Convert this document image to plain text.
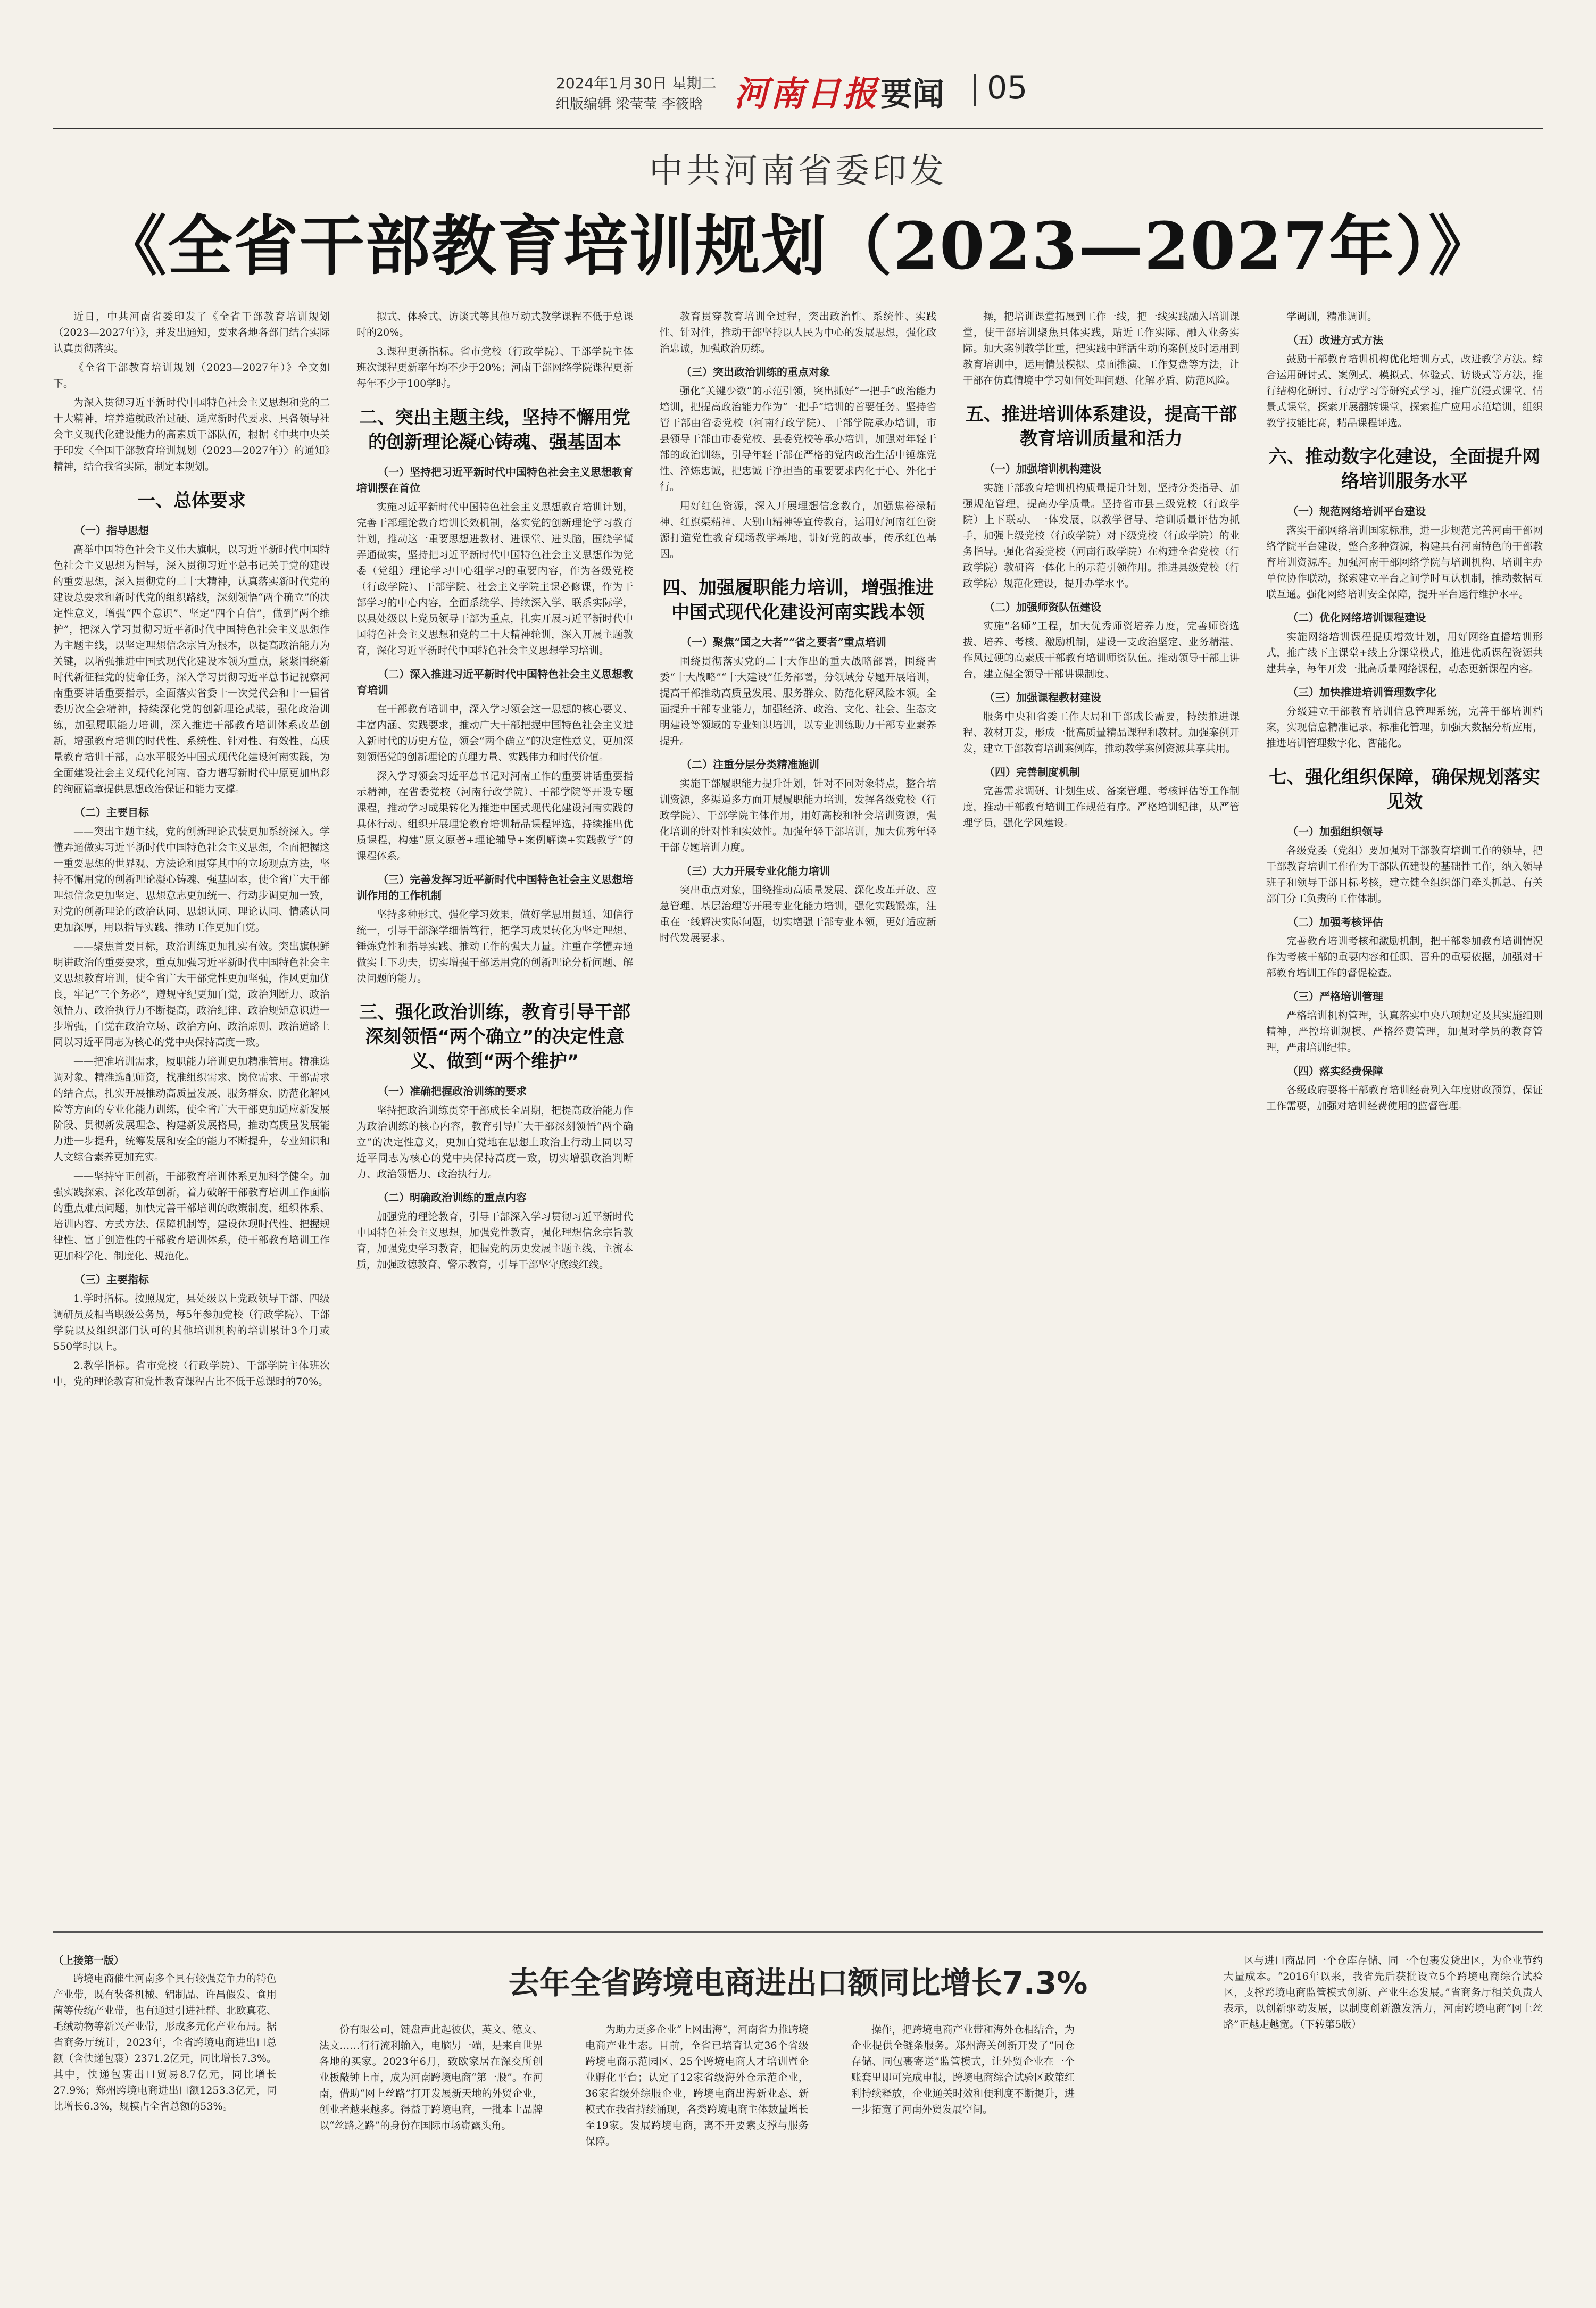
2024年1月30日 星期二
组版编辑 梁莹莹 李筱晗 河南日报 要闻 05
中共河南省委印发
《全省干部教育培训规划（2023—2027年）》

近日，中共河南省委印发了《全省干部教育培训规划（2023—2027年）》，并发出通知，要求各地各部门结合实际认真贯彻落实。

《全省干部教育培训规划（2023—2027年）》全文如下。

为深入贯彻习近平新时代中国特色社会主义思想和党的二十大精神，培养造就政治过硬、适应新时代要求、具备领导社会主义现代化建设能力的高素质干部队伍，根据《中共中央关于印发〈全国干部教育培训规划（2023—2027年）〉的通知》精神，结合我省实际，制定本规划。

一、总体要求
（一）指导思想

高举中国特色社会主义伟大旗帜，以习近平新时代中国特色社会主义思想为指导，深入贯彻习近平总书记关于党的建设的重要思想，深入贯彻党的二十大精神，认真落实新时代党的建设总要求和新时代党的组织路线，深刻领悟“两个确立”的决定性意义，增强“四个意识”、坚定“四个自信”，做到“两个维护”，把深入学习贯彻习近平新时代中国特色社会主义思想作为主题主线，以坚定理想信念宗旨为根本，以提高政治能力为关键，以增强推进中国式现代化建设本领为重点，紧紧围绕新时代新征程党的使命任务，深入学习贯彻习近平总书记视察河南重要讲话重要指示，全面落实省委十一次党代会和十一届省委历次全会精神，持续深化党的创新理论武装，强化政治训练，加强履职能力培训，深入推进干部教育培训体系改革创新，增强教育培训的时代性、系统性、针对性、有效性，高质量教育培训干部，高水平服务中国式现代化建设河南实践，为全面建设社会主义现代化河南、奋力谱写新时代中原更加出彩的绚丽篇章提供思想政治保证和能力支撑。

（二）主要目标

——突出主题主线，党的创新理论武装更加系统深入。学懂弄通做实习近平新时代中国特色社会主义思想，全面把握这一重要思想的世界观、方法论和贯穿其中的立场观点方法，坚持不懈用党的创新理论凝心铸魂、强基固本，使全省广大干部理想信念更加坚定、思想意志更加统一、行动步调更加一致，对党的创新理论的政治认同、思想认同、理论认同、情感认同更加深厚，用以指导实践、推动工作更加自觉。

——聚焦首要目标，政治训练更加扎实有效。突出旗帜鲜明讲政治的重要要求，重点加强习近平新时代中国特色社会主义思想教育培训，使全省广大干部党性更加坚强，作风更加优良，牢记“三个务必”，遵规守纪更加自觉，政治判断力、政治领悟力、政治执行力不断提高，政治纪律、政治规矩意识进一步增强，自觉在政治立场、政治方向、政治原则、政治道路上同以习近平同志为核心的党中央保持高度一致。

——把准培训需求，履职能力培训更加精准管用。精准选调对象、精准选配师资，找准组织需求、岗位需求、干部需求的结合点，扎实开展推动高质量发展、服务群众、防范化解风险等方面的专业化能力训练，使全省广大干部更加适应新发展阶段、贯彻新发展理念、构建新发展格局，推动高质量发展能力进一步提升，统筹发展和安全的能力不断提升，专业知识和人文综合素养更加充实。

——坚持守正创新，干部教育培训体系更加科学健全。加强实践探索、深化改革创新，着力破解干部教育培训工作面临的重点难点问题，加快完善干部培训的政策制度、组织体系、培训内容、方式方法、保障机制等，建设体现时代性、把握规律性、富于创造性的干部教育培训体系，使干部教育培训工作更加科学化、制度化、规范化。

（三）主要指标

1.学时指标。按照规定，县处级以上党政领导干部、四级调研员及相当职级公务员，每5年参加党校（行政学院）、干部学院以及组织部门认可的其他培训机构的培训累计3个月或550学时以上。

2.教学指标。省市党校（行政学院）、干部学院主体班次中，党的理论教育和党性教育课程占比不低于总课时的70%。

拟式、体验式、访谈式等其他互动式教学课程不低于总课时的20%。

3.课程更新指标。省市党校（行政学院）、干部学院主体班次课程更新率年均不少于20%；河南干部网络学院课程更新每年不少于100学时。

二、突出主题主线，坚持不懈用党的创新理论凝心铸魂、强基固本
（一）坚持把习近平新时代中国特色社会主义思想教育培训摆在首位

实施习近平新时代中国特色社会主义思想教育培训计划，完善干部理论教育培训长效机制，落实党的创新理论学习教育计划，推动这一重要思想进教材、进课堂、进头脑，围绕学懂弄通做实，坚持把习近平新时代中国特色社会主义思想作为党委（党组）理论学习中心组学习的重要内容，作为各级党校（行政学院）、干部学院、社会主义学院主课必修课，作为干部学习的中心内容，全面系统学、持续深入学、联系实际学，以县处级以上党员领导干部为重点，扎实开展习近平新时代中国特色社会主义思想和党的二十大精神轮训，深入开展主题教育，深化习近平新时代中国特色社会主义思想学习培训。

（二）深入推进习近平新时代中国特色社会主义思想教育培训

在干部教育培训中，深入学习领会这一思想的核心要义、丰富内涵、实践要求，推动广大干部把握中国特色社会主义进入新时代的历史方位，领会“两个确立”的决定性意义，更加深刻领悟党的创新理论的真理力量、实践伟力和时代价值。

深入学习领会习近平总书记对河南工作的重要讲话重要指示精神，在省委党校（河南行政学院）、干部学院等开设专题课程，推动学习成果转化为推进中国式现代化建设河南实践的具体行动。组织开展理论教育培训精品课程评选，持续推出优质课程，构建“原文原著+理论辅导+案例解读+实践教学”的课程体系。

（三）完善发挥习近平新时代中国特色社会主义思想培训作用的工作机制

坚持多种形式、强化学习效果，做好学思用贯通、知信行统一，引导干部深学细悟笃行，把学习成果转化为坚定理想、锤炼党性和指导实践、推动工作的强大力量。注重在学懂弄通做实上下功夫，切实增强干部运用党的创新理论分析问题、解决问题的能力。

三、强化政治训练，教育引导干部深刻领悟“两个确立”的决定性意义、做到“两个维护”
（一）准确把握政治训练的要求

坚持把政治训练贯穿干部成长全周期，把提高政治能力作为政治训练的核心内容，教育引导广大干部深刻领悟“两个确立”的决定性意义，更加自觉地在思想上政治上行动上同以习近平同志为核心的党中央保持高度一致，切实增强政治判断力、政治领悟力、政治执行力。

（二）明确政治训练的重点内容

加强党的理论教育，引导干部深入学习贯彻习近平新时代中国特色社会主义思想，加强党性教育，强化理想信念宗旨教育，加强党史学习教育，把握党的历史发展主题主线、主流本质，加强政德教育、警示教育，引导干部坚守底线红线。

教育贯穿教育培训全过程，突出政治性、系统性、实践性、针对性，推动干部坚持以人民为中心的发展思想，强化政治忠诚，加强政治历练。

（三）突出政治训练的重点对象

强化“关键少数”的示范引领，突出抓好“一把手”政治能力培训，把提高政治能力作为“一把手”培训的首要任务。坚持省管干部由省委党校（河南行政学院）、干部学院承办培训，市县领导干部由市委党校、县委党校等承办培训，加强对年轻干部的政治训练，引导年轻干部在严格的党内政治生活中锤炼党性、淬炼忠诚，把忠诚干净担当的重要要求内化于心、外化于行。

用好红色资源，深入开展理想信念教育，加强焦裕禄精神、红旗渠精神、大别山精神等宣传教育，运用好河南红色资源打造党性教育现场教学基地，讲好党的故事，传承红色基因。

四、加强履职能力培训，增强推进中国式现代化建设河南实践本领
（一）聚焦“国之大者”“省之要者”重点培训

围绕贯彻落实党的二十大作出的重大战略部署，围绕省委“十大战略”“十大建设”任务部署，分领域分专题开展培训，提高干部推动高质量发展、服务群众、防范化解风险本领。全面提升干部专业能力，加强经济、政治、文化、社会、生态文明建设等领域的专业知识培训，以专业训练助力干部专业素养提升。

（二）注重分层分类精准施训

实施干部履职能力提升计划，针对不同对象特点，整合培训资源，多渠道多方面开展履职能力培训，发挥各级党校（行政学院）、干部学院主体作用，用好高校和社会培训资源，强化培训的针对性和实效性。加强年轻干部培训，加大优秀年轻干部专题培训力度。

（三）大力开展专业化能力培训

突出重点对象，围绕推动高质量发展、深化改革开放、应急管理、基层治理等开展专业化能力培训，强化实践锻炼，注重在一线解决实际问题，切实增强干部专业本领，更好适应新时代发展要求。

操，把培训课堂拓展到工作一线，把一线实践融入培训课堂，使干部培训聚焦具体实践，贴近工作实际、融入业务实际。加大案例教学比重，把实践中鲜活生动的案例及时运用到教育培训中，运用情景模拟、桌面推演、工作复盘等方法，让干部在仿真情境中学习如何处理问题、化解矛盾、防范风险。

五、推进培训体系建设，提高干部教育培训质量和活力
（一）加强培训机构建设

实施干部教育培训机构质量提升计划，坚持分类指导、加强规范管理，提高办学质量。坚持省市县三级党校（行政学院）上下联动、一体发展，以教学督导、培训质量评估为抓手，加强上级党校（行政学院）对下级党校（行政学院）的业务指导。强化省委党校（河南行政学院）在构建全省党校（行政学院）教研咨一体化上的示范引领作用。推进县级党校（行政学院）规范化建设，提升办学水平。

（二）加强师资队伍建设

实施“名师”工程，加大优秀师资培养力度，完善师资选拔、培养、考核、激励机制，建设一支政治坚定、业务精湛、作风过硬的高素质干部教育培训师资队伍。推动领导干部上讲台，建立健全领导干部讲课制度。

（三）加强课程教材建设

服务中央和省委工作大局和干部成长需要，持续推进课程、教材开发，形成一批高质量精品课程和教材。加强案例开发，建立干部教育培训案例库，推动教学案例资源共享共用。

（四）完善制度机制

完善需求调研、计划生成、备案管理、考核评估等工作制度，推动干部教育培训工作规范有序。严格培训纪律，从严管理学员，强化学风建设。

学调训，精准调训。

（五）改进方式方法

鼓励干部教育培训机构优化培训方式，改进教学方法。综合运用研讨式、案例式、模拟式、体验式、访谈式等方法，推行结构化研讨、行动学习等研究式学习，推广沉浸式课堂、情景式课堂，探索开展翻转课堂，探索推广应用示范培训，组织教学技能比赛，精品课程评选。

六、推动数字化建设，全面提升网络培训服务水平
（一）规范网络培训平台建设

落实干部网络培训国家标准，进一步规范完善河南干部网络学院平台建设，整合多种资源，构建具有河南特色的干部教育培训资源库。加强河南干部网络学院与培训机构、培训主办单位协作联动，探索建立平台之间学时互认机制，推动数据互联互通。强化网络培训安全保障，提升平台运行维护水平。

（二）优化网络培训课程建设

实施网络培训课程提质增效计划，用好网络直播培训形式，推广线下主课堂+线上分课堂模式，推进优质课程资源共建共享，每年开发一批高质量网络课程，动态更新课程内容。

（三）加快推进培训管理数字化

分级建立干部教育培训信息管理系统，完善干部培训档案，实现信息精准记录、标准化管理，加强大数据分析应用，推进培训管理数字化、智能化。

七、强化组织保障，确保规划落实见效
（一）加强组织领导

各级党委（党组）要加强对干部教育培训工作的领导，把干部教育培训工作作为干部队伍建设的基础性工作，纳入领导班子和领导干部目标考核，建立健全组织部门牵头抓总、有关部门分工负责的工作体制。

（二）加强考核评估

完善教育培训考核和激励机制，把干部参加教育培训情况作为考核干部的重要内容和任职、晋升的重要依据，加强对干部教育培训工作的督促检查。

（三）严格培训管理

严格培训机构管理，认真落实中央八项规定及其实施细则精神，严控培训规模、严格经费管理，加强对学员的教育管理，严肃培训纪律。

（四）落实经费保障

各级政府要将干部教育培训经费列入年度财政预算，保证工作需要，加强对培训经费使用的监督管理。

去年全省跨境电商进出口额同比增长7.3%

（上接第一版）

跨境电商催生河南多个具有较强竞争力的特色产业带，既有装备机械、铝制品、许昌假发、食用菌等传统产业带，也有通过引进社群、北欧真花、毛绒动物等新兴产业带，形成多元化产业布局。据省商务厅统计，2023年，全省跨境电商进出口总额（含快递包裹）2371.2亿元，同比增长7.3%。其中，快递包裹出口贸易8.7亿元，同比增长27.9%；郑州跨境电商进出口额1253.3亿元，同比增长6.3%，规模占全省总额的53%。

份有限公司，键盘声此起彼伏，英文、德文、法文……行行流利输入，电脑另一端，是来自世界各地的买家。2023年6月，致欧家居在深交所创业板敲钟上市，成为河南跨境电商“第一股”。在河南，借助“网上丝路”打开发展新天地的外贸企业，创业者越来越多。得益于跨境电商，一批本土品牌以“丝路之路”的身份在国际市场崭露头角。

为助力更多企业“上网出海”，河南省力推跨境电商产业生态。目前，全省已培育认定36个省级跨境电商示范园区、25个跨境电商人才培训暨企业孵化平台；认定了12家省级海外仓示范企业，36家省级外综服企业，跨境电商出海新业态、新模式在我省持续涌现，各类跨境电商主体数量增长至19家。发展跨境电商，离不开要素支撑与服务保障。

操作，把跨境电商产业带和海外仓相结合，为企业提供全链条服务。郑州海关创新开发了“同仓存储、同包裹寄送”监管模式，让外贸企业在一个账套里即可完成申报，跨境电商综合试验区政策红利持续释放，企业通关时效和便利度不断提升，进一步拓宽了河南外贸发展空间。

区与进口商品同一个仓库存储、同一个包裹发货出区，为企业节约大量成本。“2016年以来，我省先后获批设立5个跨境电商综合试验区，支撑跨境电商监管模式创新、产业生态发展。”省商务厅相关负责人表示，以创新驱动发展，以制度创新激发活力，河南跨境电商“网上丝路”正越走越宽。（下转第5版）
